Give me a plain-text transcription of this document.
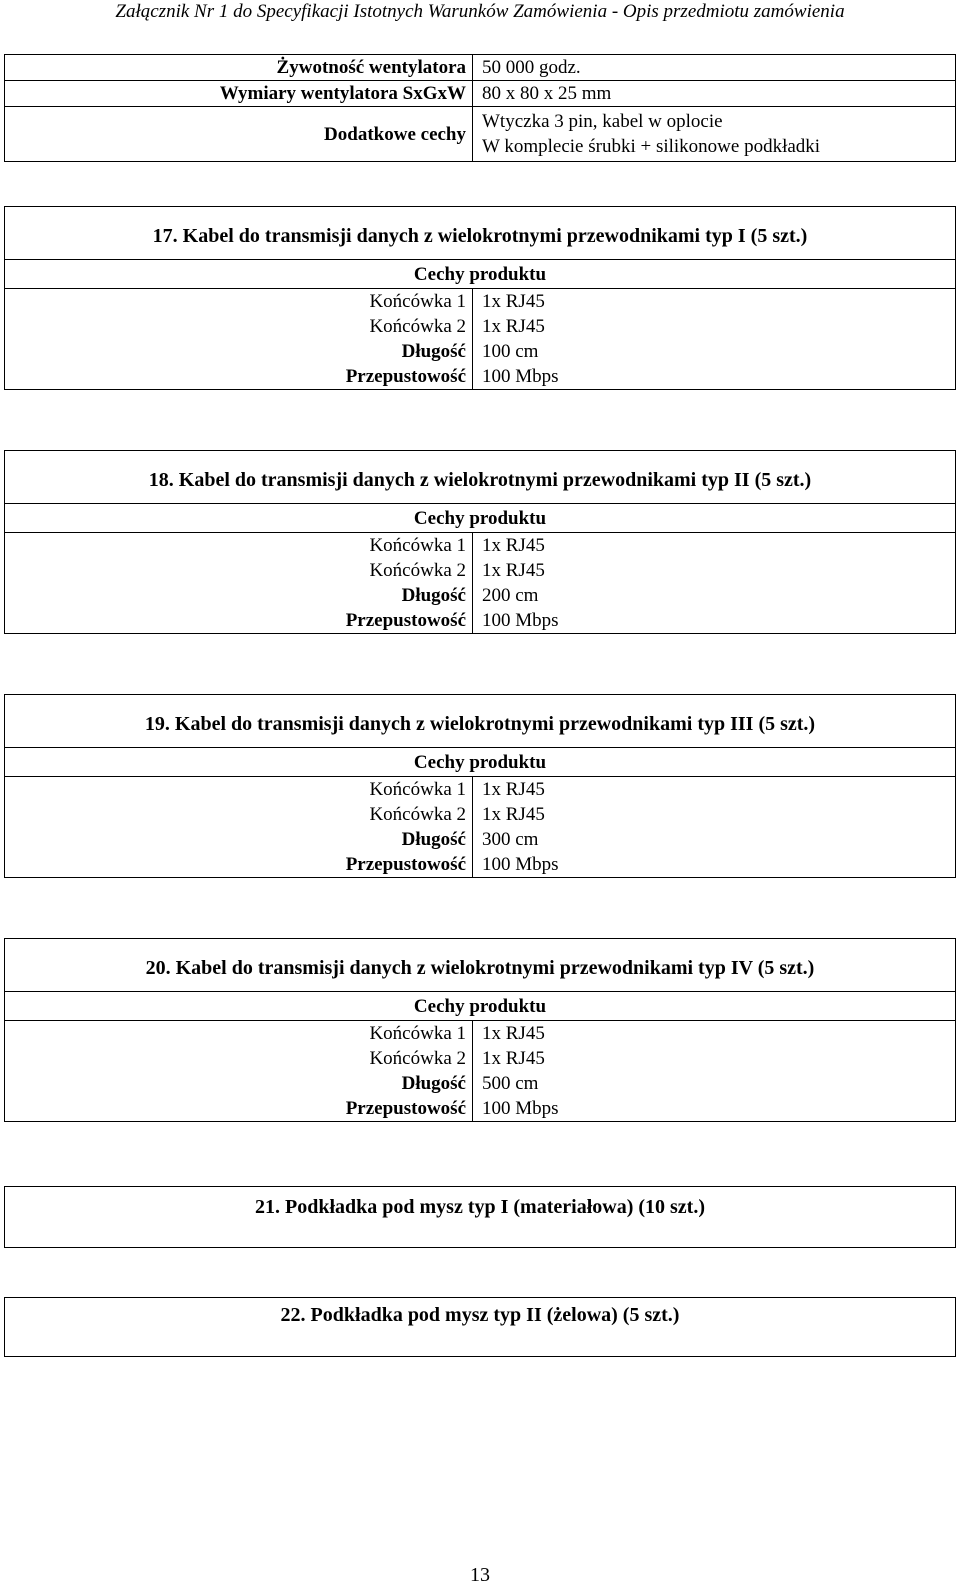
Załącznik Nr 1 do Specyfikacji Istotnych Warunków Zamówienia - Opis przedmiotu zamówienia
Żywotność wentylatora 50 000 godz.
Wymiary wentylatora SxGxW 80 x 80 x 25 mm
Dodatkowe cechy
Wtyczka 3 pin, kabel w oplocie
W komplecie śrubki + silikonowe podkładki
17. Kabel do transmisji danych z wielokrotnymi przewodnikami typ I (5 szt.)
Cechy produktu
Końcówka 1 1x RJ45
Końcówka 2 1x RJ45
Długość 100 cm
Przepustowość 100 Mbps
18. Kabel do transmisji danych z wielokrotnymi przewodnikami typ II (5 szt.)
Cechy produktu
Końcówka 1 1x RJ45
Końcówka 2 1x RJ45
Długość 200 cm
Przepustowość 100 Mbps
19. Kabel do transmisji danych z wielokrotnymi przewodnikami typ III (5 szt.)
Cechy produktu
Końcówka 1 1x RJ45
Końcówka 2 1x RJ45
Długość 300 cm
Przepustowość 100 Mbps
20. Kabel do transmisji danych z wielokrotnymi przewodnikami typ IV (5 szt.)
Cechy produktu
Końcówka 1 1x RJ45
Końcówka 2 1x RJ45
Długość 500 cm
Przepustowość 100 Mbps
21. Podkładka pod mysz typ I (materiałowa) (10 szt.)
22. Podkładka pod mysz typ II (żelowa) (5 szt.)
13
